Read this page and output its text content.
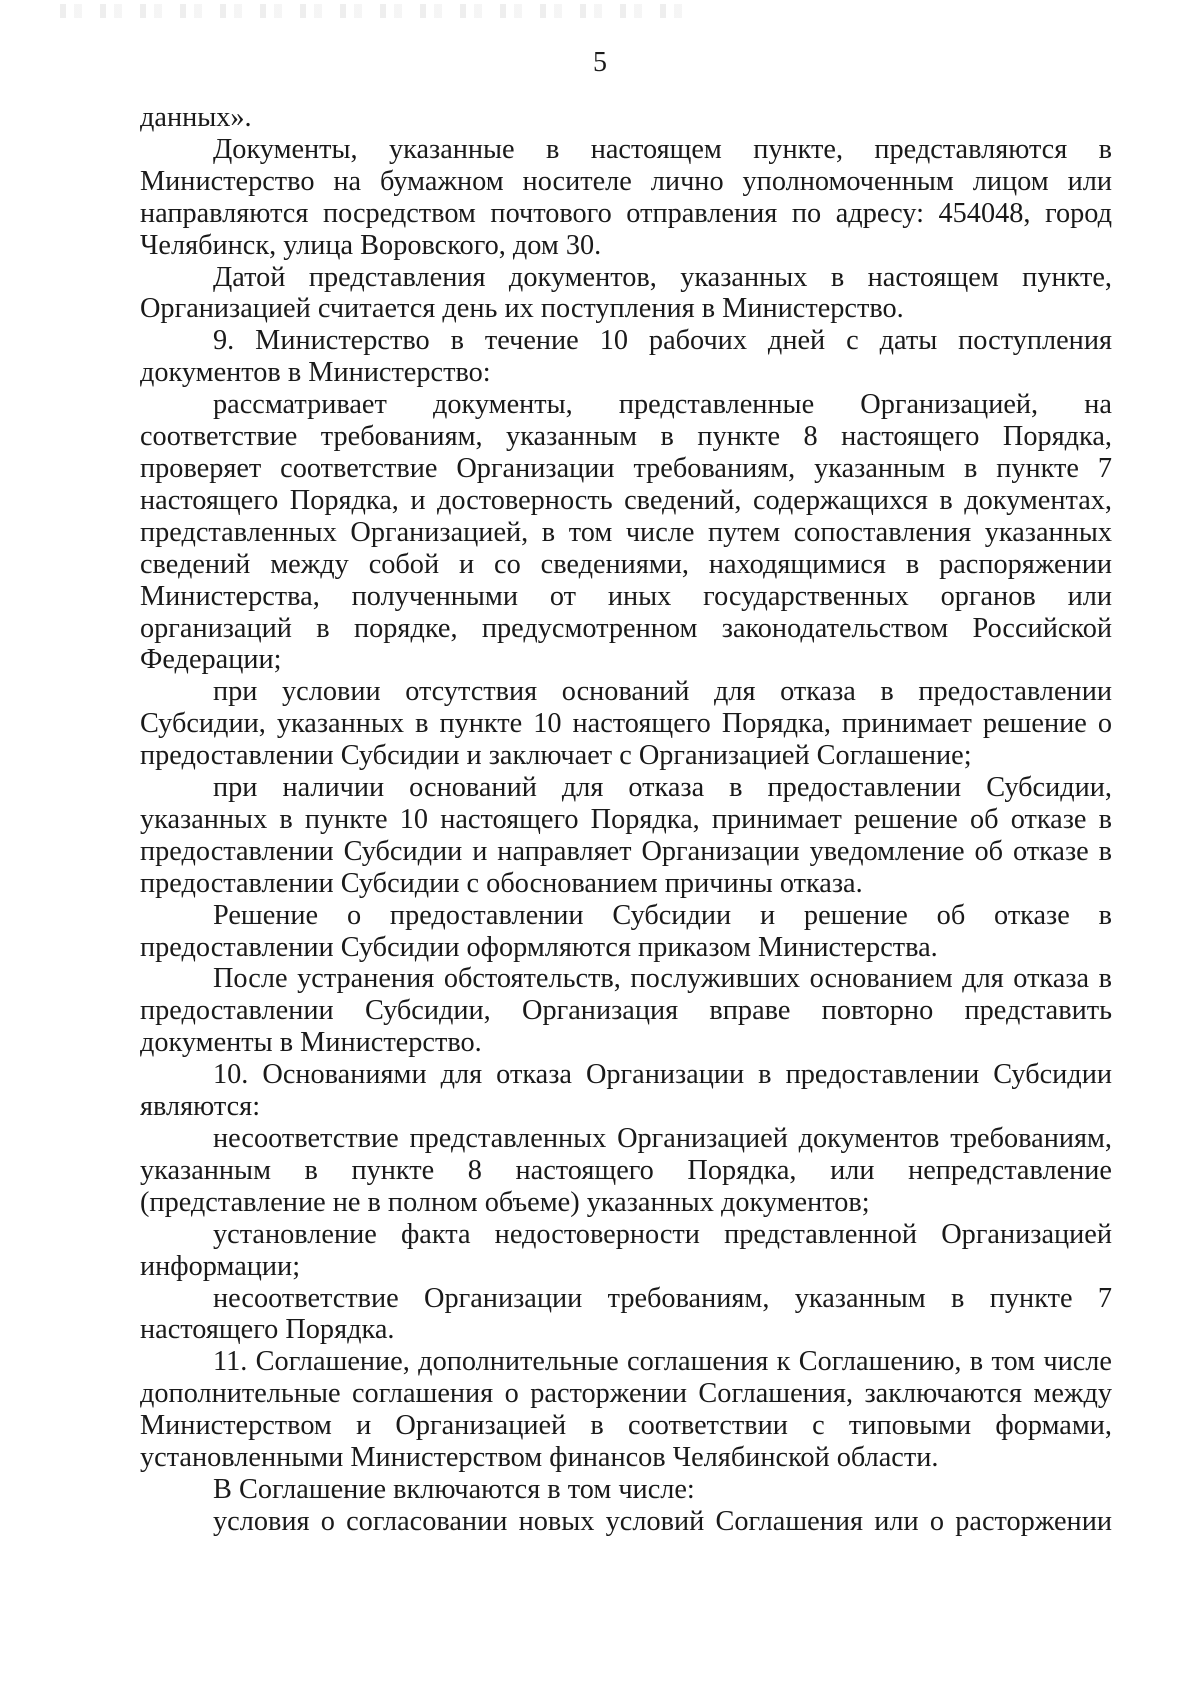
5

данных».

Документы, указанные в настоящем пункте, представляются в Министерство на бумажном носителе лично уполномоченным лицом или направляются посредством почтового отправления по адресу: 454048, город Челябинск, улица Воровского, дом 30.

Датой представления документов, указанных в настоящем пункте, Организацией считается день их поступления в Министерство.

9. Министерство в течение 10 рабочих дней с даты поступления документов в Министерство:

рассматривает документы, представленные Организацией, на соответствие требованиям, указанным в пункте 8 настоящего Порядка, проверяет соответствие Организации требованиям, указанным в пункте 7 настоящего Порядка, и достоверность сведений, содержащихся в документах, представленных Организацией, в том числе путем сопоставления указанных сведений между собой и со сведениями, находящимися в распоряжении Министерства, полученными от иных государственных органов или организаций в порядке, предусмотренном законодательством Российской Федерации;

при условии отсутствия оснований для отказа в предоставлении Субсидии, указанных в пункте 10 настоящего Порядка, принимает решение о предоставлении Субсидии и заключает с Организацией Соглашение;

при наличии оснований для отказа в предоставлении Субсидии, указанных в пункте 10 настоящего Порядка, принимает решение об отказе в предоставлении Субсидии и направляет Организации уведомление об отказе в предоставлении Субсидии с обоснованием причины отказа.

Решение о предоставлении Субсидии и решение об отказе в предоставлении Субсидии оформляются приказом Министерства.

После устранения обстоятельств, послуживших основанием для отказа в предоставлении Субсидии, Организация вправе повторно представить документы в Министерство.

10. Основаниями для отказа Организации в предоставлении Субсидии являются:

несоответствие представленных Организацией документов требованиям, указанным в пункте 8 настоящего Порядка, или непредставление (представление не в полном объеме) указанных документов;

установление факта недостоверности представленной Организацией информации;

несоответствие Организации требованиям, указанным в пункте 7 настоящего Порядка.

11. Соглашение, дополнительные соглашения к Соглашению, в том числе дополнительные соглашения о расторжении Соглашения, заключаются между Министерством и Организацией в соответствии с типовыми формами, установленными Министерством финансов Челябинской области.

В Соглашение включаются в том числе:

условия о согласовании новых условий Соглашения или о расторжении
